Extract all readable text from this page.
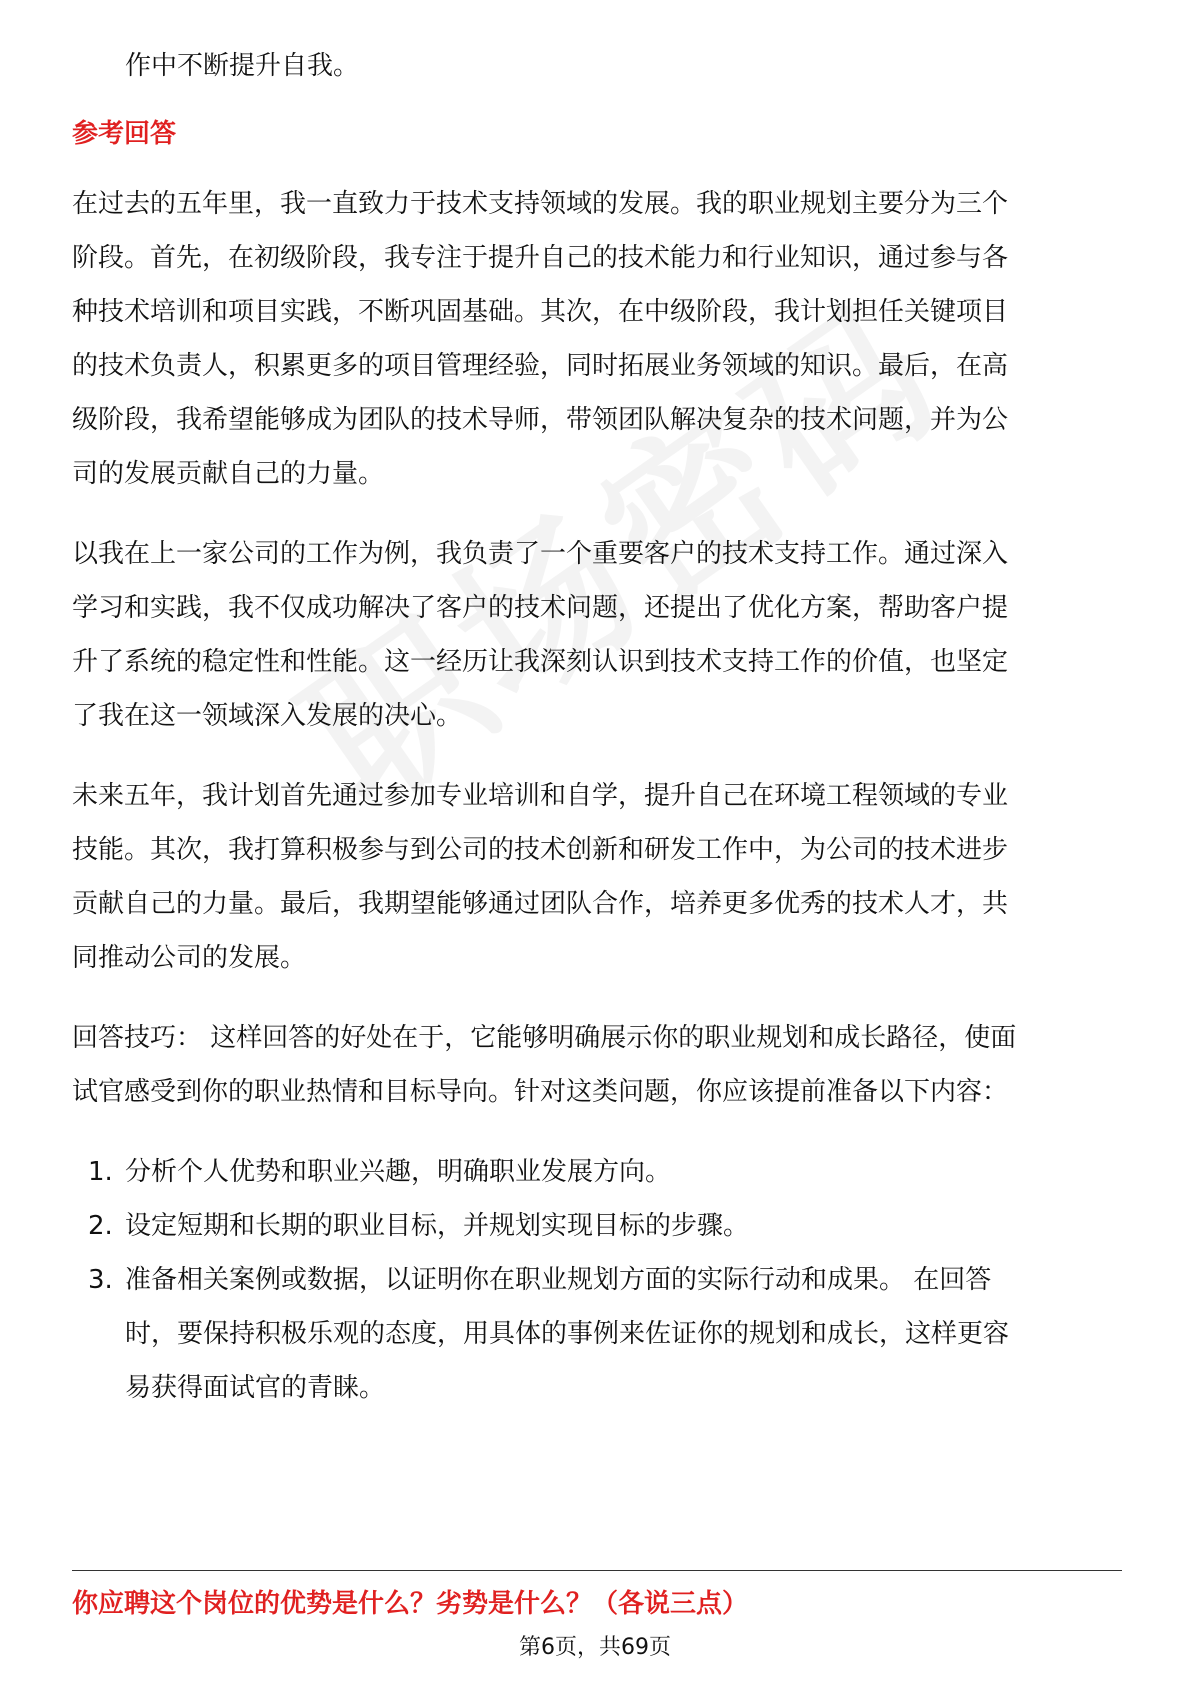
作中不断提升自我。
参考回答
在过去的五年里，我一直致力于技术支持领域的发展。我的职业规划主要分为三个
阶段。首先，在初级阶段，我专注于提升自己的技术能力和行业知识，通过参与各
种技术培训和项目实践，不断巩固基础。其次，在中级阶段，我计划担任关键项目
的技术负责人，积累更多的项目管理经验，同时拓展业务领域的知识。最后，在高
级阶段，我希望能够成为团队的技术导师，带领团队解决复杂的技术问题，并为公
司的发展贡献自己的力量。
以我在上一家公司的工作为例，我负责了一个重要客户的技术支持工作。通过深入
学习和实践，我不仅成功解决了客户的技术问题，还提出了优化方案，帮助客户提
升了系统的稳定性和性能。这一经历让我深刻认识到技术支持工作的价值，也坚定
了我在这一领域深入发展的决心。
未来五年，我计划首先通过参加专业培训和自学，提升自己在环境工程领域的专业
技能。其次，我打算积极参与到公司的技术创新和研发工作中，为公司的技术进步
贡献自己的力量。最后，我期望能够通过团队合作，培养更多优秀的技术人才，共
同推动公司的发展。
回答技巧： 这样回答的好处在于，它能够明确展示你的职业规划和成长路径，使面
试官感受到你的职业热情和目标导向。针对这类问题，你应该提前准备以下内容：
1. 分析个人优势和职业兴趣，明确职业发展方向。
2. 设定短期和长期的职业目标，并规划实现目标的步骤。
3. 准备相关案例或数据，以证明你在职业规划方面的实际行动和成果。 在回答
时，要保持积极乐观的态度，用具体的事例来佐证你的规划和成长，这样更容
易获得面试官的青睐。
你应聘这个岗位的优势是什么？劣势是什么？（各说三点）
第6页，共69页
